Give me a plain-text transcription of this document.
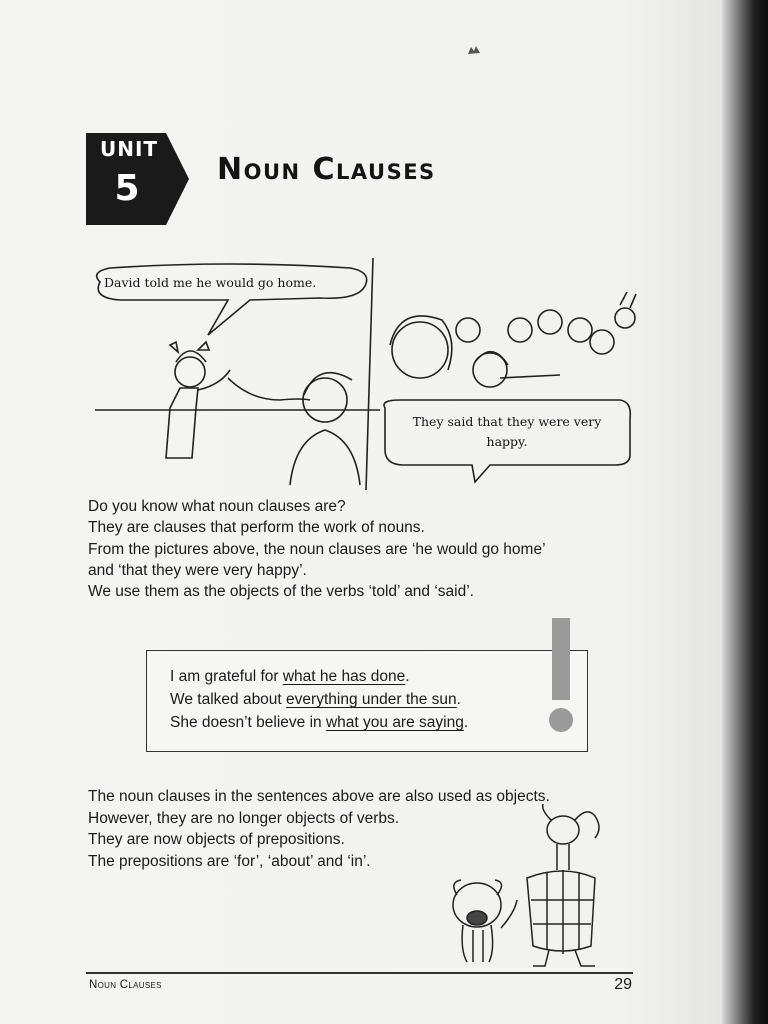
UNIT
5	Noun Clauses
David told me he would go home.
They said that they were very happy.

Do you know what noun clauses are?

They are clauses that perform the work of nouns.

From the pictures above, the noun clauses are ‘he would go home’

and ‘that they were very happy’.

We use them as the objects of the verbs ‘told’ and ‘said’.

I am grateful for what he has done.
We talked about everything under the sun.
She doesn’t believe in what you are saying.

The noun clauses in the sentences above are also used as objects.

However, they are no longer objects of verbs.

They are now objects of prepositions.

The prepositions are ‘for’, ‘about’ and ‘in’.

Noun Clauses	29
